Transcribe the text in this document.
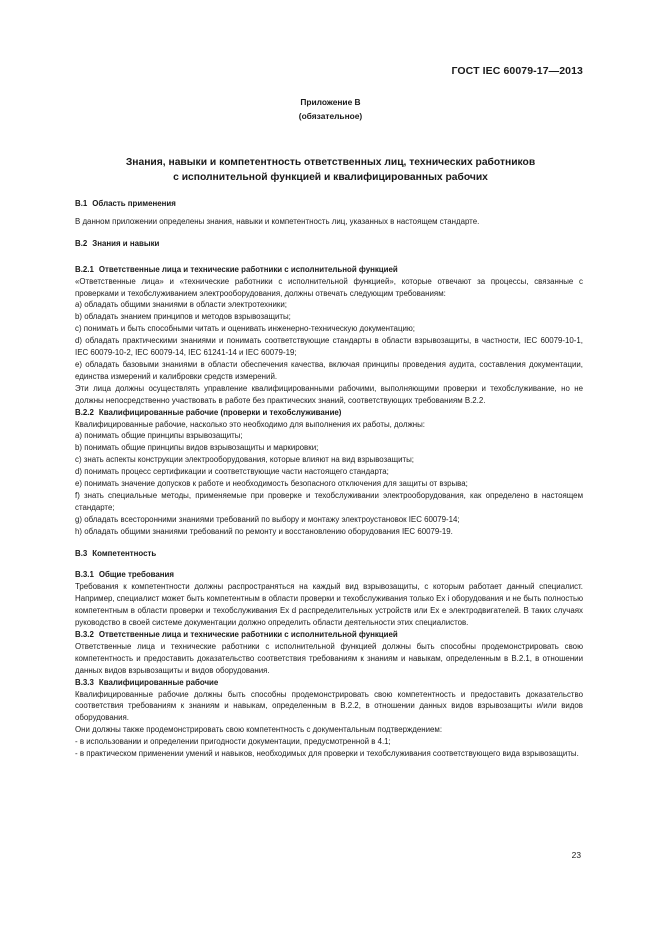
ГОСТ IEC 60079-17—2013
Приложение B
(обязательное)
Знания, навыки и компетентность ответственных лиц, технических работников
с исполнительной функцией и квалифицированных рабочих
B.1 Область применения
В данном приложении определены знания, навыки и компетентность лиц, указанных в настоящем стандарте.
B.2 Знания и навыки
B.2.1 Ответственные лица и технические работники с исполнительной функцией
«Ответственные лица» и «технические работники с исполнительной функцией», которые отвечают за процессы, связанные с проверками и техобслуживанием электрооборудования, должны отвечать следующим требованиям:
a) обладать общими знаниями в области электротехники;
b) обладать знанием принципов и методов взрывозащиты;
c) понимать и быть способными читать и оценивать инженерно-техническую документацию;
d) обладать практическими знаниями и понимать соответствующие стандарты в области взрывозащиты, в частности, IEC 60079-10-1, IEC 60079-10-2, IEC 60079-14, IEC 61241-14 и IEC 60079-19;
e) обладать базовыми знаниями в области обеспечения качества, включая принципы проведения аудита, составления документации, единства измерений и калибровки средств измерений.
Эти лица должны осуществлять управление квалифицированными рабочими, выполняющими проверки и техобслуживание, но не должны непосредственно участвовать в работе без практических знаний, соответствующих требованиям B.2.2.
B.2.2 Квалифицированные рабочие (проверки и техобслуживание)
Квалифицированные рабочие, насколько это необходимо для выполнения их работы, должны:
a) понимать общие принципы взрывозащиты;
b) понимать общие принципы видов взрывозащиты и маркировки;
c) знать аспекты конструкции электрооборудования, которые влияют на вид взрывозащиты;
d) понимать процесс сертификации и соответствующие части настоящего стандарта;
e) понимать значение допусков к работе и необходимость безопасного отключения для защиты от взрыва;
f) знать специальные методы, применяемые при проверке и техобслуживании электрооборудования, как определено в настоящем стандарте;
g) обладать всесторонними знаниями требований по выбору и монтажу электроустановок IEC 60079-14;
h) обладать общими знаниями требований по ремонту и восстановлению оборудования IEC 60079-19.
B.3 Компетентность
B.3.1 Общие требования
Требования к компетентности должны распространяться на каждый вид взрывозащиты, с которым работает данный специалист. Например, специалист может быть компетентным в области проверки и техобслуживания только Ex i оборудования и не быть полностью компетентным в области проверки и техобслуживания Ex d распределительных устройств или Ex e электродвигателей. В таких случаях руководство в своей системе документации должно определить области деятельности этих специалистов.
B.3.2 Ответственные лица и технические работники с исполнительной функцией
Ответственные лица и технические работники с исполнительной функцией должны быть способны продемонстрировать свою компетентность и предоставить доказательство соответствия требованиям к знаниям и навыкам, определенным в B.2.1, в отношении данных видов взрывозащиты и видов оборудования.
B.3.3 Квалифицированные рабочие
Квалифицированные рабочие должны быть способны продемонстрировать свою компетентность и предоставить доказательство соответствия требованиям к знаниям и навыкам, определенным в B.2.2, в отношении данных видов взрывозащиты и/или видов оборудования.
Они должны также продемонстрировать свою компетентность с документальным подтверждением:
- в использовании и определении пригодности документации, предусмотренной в 4.1;
- в практическом применении умений и навыков, необходимых для проверки и техобслуживания соответствующего вида взрывозащиты.
23
